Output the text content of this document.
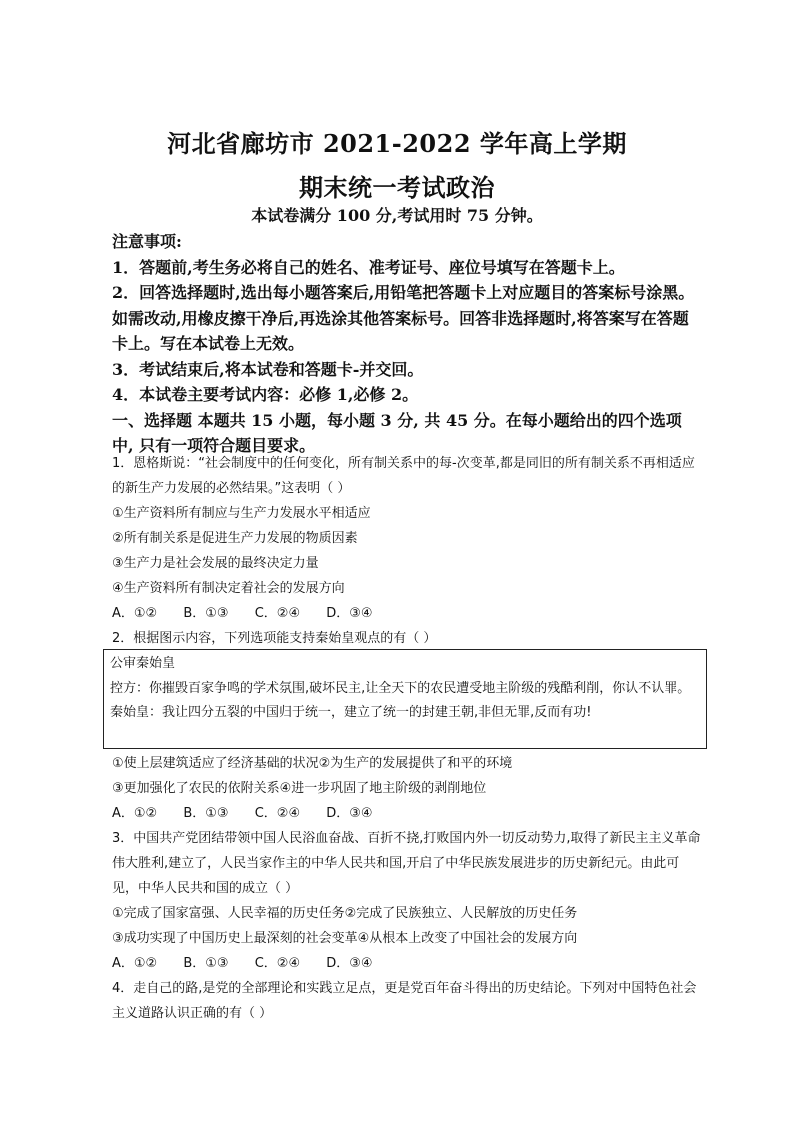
河北省廊坊市 2021-2022 学年高上学期
期末统一考试政治
本试卷满分 100 分,考试用时 75 分钟。
注意事项:
1．答题前,考生务必将自己的姓名、准考证号、座位号填写在答题卡上。
2．回答选择题时,选出每小题答案后,用铅笔把答题卡上对应题目的答案标号涂黑。如需改动,用橡皮擦干净后,再选涂其他答案标号。回答非选择题时,将答案写在答题卡上。写在本试卷上无效。
3．考试结束后,将本试卷和答题卡-并交回。
4．本试卷主要考试内容：必修 1,必修 2。
一、选择题 本题共 15 小题，每小题 3 分, 共 45 分。在每小题给出的四个选项中, 只有一项符合题目要求。
1．恩格斯说：“社会制度中的任何变化，所有制关系中的每-次变革,都是同旧的所有制关系不再相适应的新生产力发展的必然结果。”这表明（ ）
①生产资料所有制应与生产力发展水平相适应
②所有制关系是促进生产力发展的物质因素
③生产力是社会发展的最终决定力量
④生产资料所有制决定着社会的发展方向
A．①② B．①③ C．②④ D．③④
2．根据图示内容，下列选项能支持秦始皇观点的有（ ）
公审秦始皇
控方：你摧毁百家争鸣的学术氛围,破坏民主,让全天下的农民遭受地主阶级的残酷利削，你认不认罪。
秦始皇：我让四分五裂的中国归于统一，建立了统一的封建王朝,非但无罪,反而有功!
①使上层建筑适应了经济基础的状况②为生产的发展提供了和平的环境
③更加强化了农民的依附关系④进一步巩固了地主阶级的剥削地位
A．①② B．①③ C．②④ D．③④
3．中国共产党团结带领中国人民浴血奋战、百折不挠,打败国内外一切反动势力,取得了新民主主义革命伟大胜利,建立了，人民当家作主的中华人民共和国,开启了中华民族发展进步的历史新纪元。由此可见，中华人民共和国的成立（ ）
①完成了国家富强、人民幸福的历史任务②完成了民族独立、人民解放的历史任务
③成功实现了中国历史上最深刻的社会变革④从根本上改变了中国社会的发展方向
A．①② B．①③ C．②④ D．③④
4．走自己的路,是党的全部理论和实践立足点，更是党百年奋斗得出的历史结论。下列对中国特色社会主义道路认识正确的有（ ）
